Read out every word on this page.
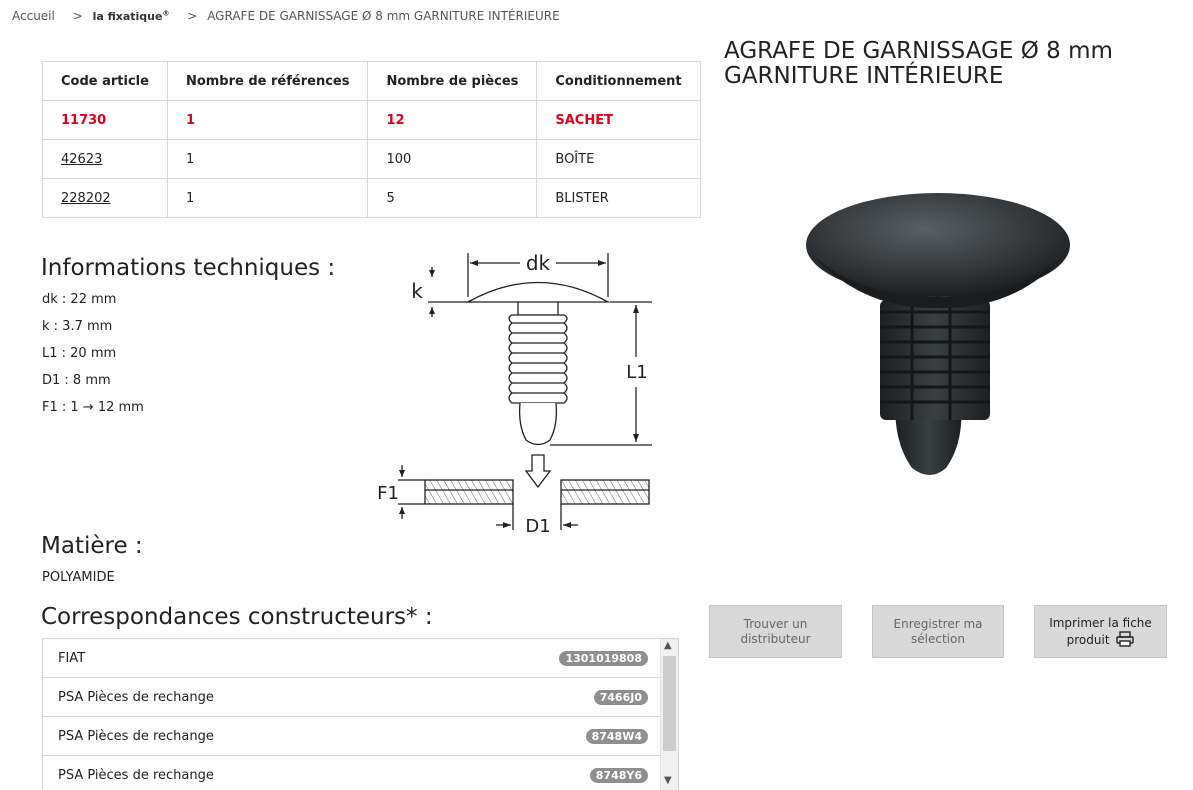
Accueil > la fixatique® > AGRAFE DE GARNISSAGE Ø 8 mm GARNITURE INTÉRIEURE
Code article	Nombre de références	Nombre de pièces	Conditionnement
11730	1	12	SACHET
42623	1	100	BOÎTE
228202	1	5	BLISTER
Informations techniques :
dk : 22 mm
k : 3.7 mm
L1 : 20 mm
D1 : 8 mm
F1 : 1 → 12 mm
dk
k
L1
F1
D1
Matière :
POLYAMIDE
Correspondances constructeurs* :
FIAT	1301019808
PSA Pièces de rechange	7466J0
PSA Pièces de rechange	8748W4
PSA Pièces de rechange	8748Y6
▲
▼
AGRAFE DE GARNISSAGE Ø 8 mm
GARNITURE INTÉRIEURE
Trouver un
distributeur
Enregistrer ma
sélection
Imprimer la fiche
produit
